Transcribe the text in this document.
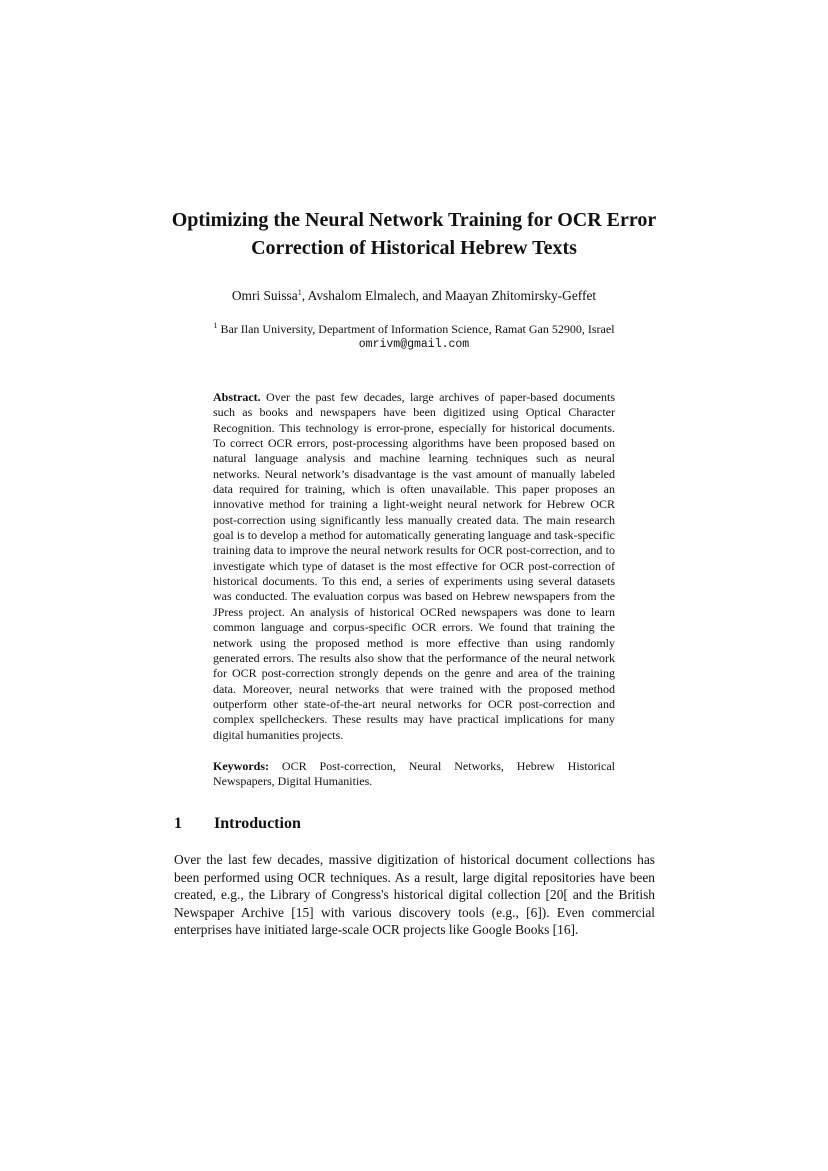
Optimizing the Neural Network Training for OCR Error
Correction of Historical Hebrew Texts
Omri Suissa$^1$, Avshalom Elmalech, and Maayan Zhitomirsky-Geffet
$^1$ Bar Ilan University, Department of Information Science, Ramat Gan 52900, Israel
omrivm@gmail.com
Abstract. Over the past few decades, large archives of paper-based documents such as books and newspapers have been digitized using Optical Character Recognition. This technology is error-prone, especially for historical documents. To correct OCR errors, post-processing algorithms have been proposed based on natural language analysis and machine learning techniques such as neural networks. Neural network’s disadvantage is the vast amount of manually labeled data required for training, which is often unavailable. This paper proposes an innovative method for training a light-weight neural network for Hebrew OCR post-correction using significantly less manually created data. The main research goal is to develop a method for automatically generating language and task-specific training data to improve the neural network results for OCR post-correction, and to investigate which type of dataset is the most effective for OCR post-correction of historical documents. To this end, a series of experiments using several datasets was conducted. The evaluation corpus was based on Hebrew newspapers from the JPress project. An analysis of historical OCRed newspapers was done to learn common language and corpus-specific OCR errors. We found that training the network using the proposed method is more effective than using randomly generated errors. The results also show that the performance of the neural network for OCR post-correction strongly depends on the genre and area of the training data. Moreover, neural networks that were trained with the proposed method outperform other state-of-the-art neural networks for OCR post-correction and complex spellcheckers. These results may have practical implications for many digital humanities projects.
Keywords: OCR Post-correction, Neural Networks, Hebrew Historical Newspapers, Digital Humanities.
1 Introduction
Over the last few decades, massive digitization of historical document collections has been performed using OCR techniques. As a result, large digital repositories have been created, e.g., the Library of Congress's historical digital collection [20[ and the British Newspaper Archive [15] with various discovery tools (e.g., [6]). Even commercial enterprises have initiated large-scale OCR projects like Google Books [16].
